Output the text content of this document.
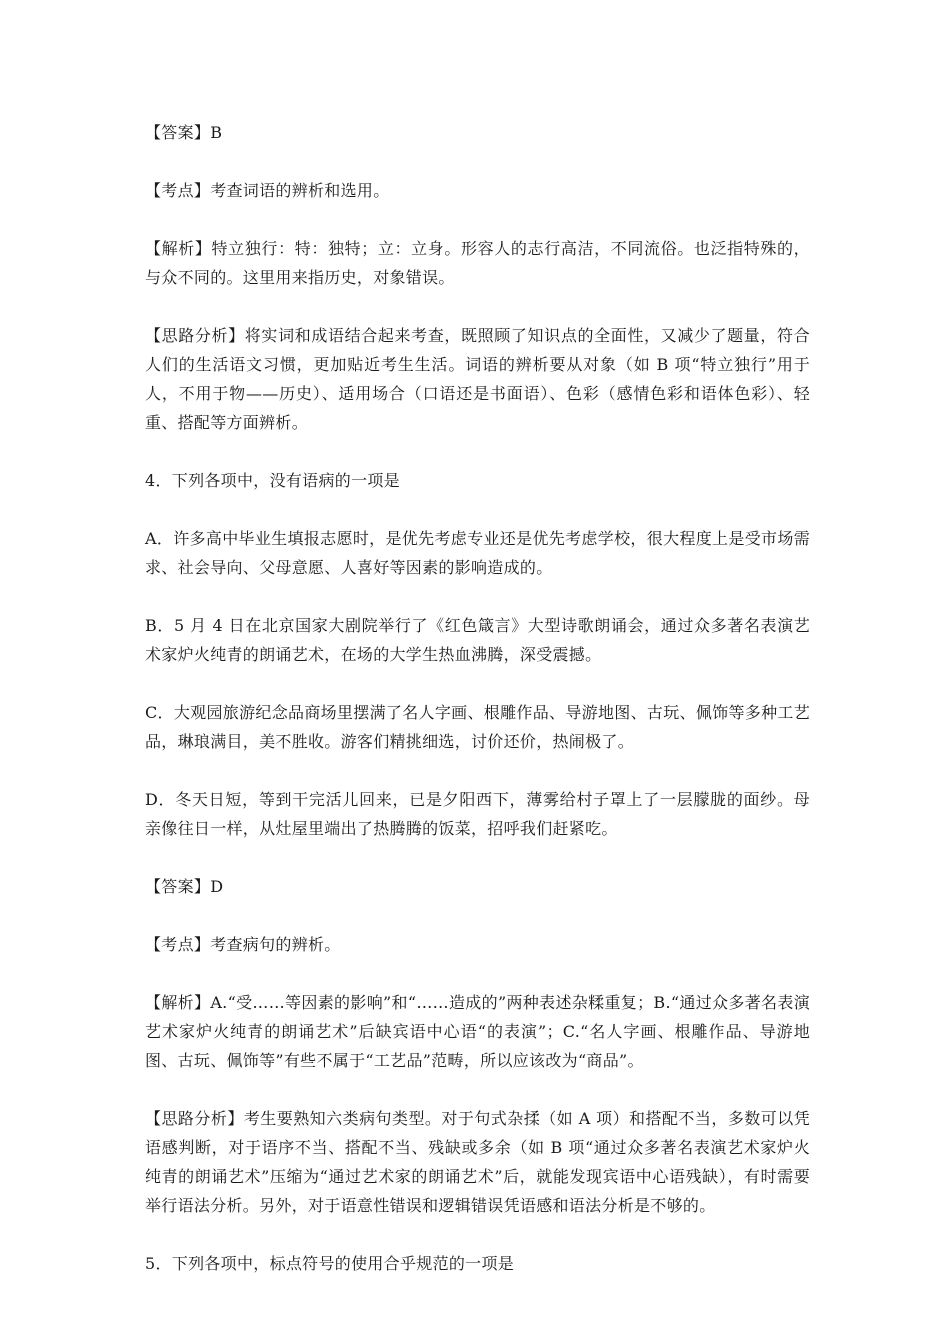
【答案】B

【考点】考查词语的辨析和选用。

【解析】特立独行：特：独特；立：立身。形容人的志行高洁，不同流俗。也泛指特殊的，与众不同的。这里用来指历史，对象错误。

【思路分析】将实词和成语结合起来考查，既照顾了知识点的全面性，又减少了题量，符合人们的生活语文习惯，更加贴近考生生活。词语的辨析要从对象（如 B 项“特立独行”用于人，不用于物——历史）、适用场合（口语还是书面语）、色彩（感情色彩和语体色彩）、轻重、搭配等方面辨析。

4．下列各项中，没有语病的一项是

A．许多高中毕业生填报志愿时，是优先考虑专业还是优先考虑学校，很大程度上是受市场需求、社会导向、父母意愿、人喜好等因素的影响造成的。

B．5 月 4 日在北京国家大剧院举行了《红色箴言》大型诗歌朗诵会，通过众多著名表演艺术家炉火纯青的朗诵艺术，在场的大学生热血沸腾，深受震撼。

C．大观园旅游纪念品商场里摆满了名人字画、根雕作品、导游地图、古玩、佩饰等多种工艺品，琳琅满目，美不胜收。游客们精挑细选，讨价还价，热闹极了。

D．冬天日短，等到干完活儿回来，已是夕阳西下，薄雾给村子罩上了一层朦胧的面纱。母亲像往日一样，从灶屋里端出了热腾腾的饭菜，招呼我们赶紧吃。

【答案】D

【考点】考查病句的辨析。

【解析】A.“受……等因素的影响”和“……造成的”两种表述杂糅重复；B.“通过众多著名表演艺术家炉火纯青的朗诵艺术”后缺宾语中心语“的表演”；C.“名人字画、根雕作品、导游地图、古玩、佩饰等”有些不属于“工艺品”范畴，所以应该改为“商品”。

【思路分析】考生要熟知六类病句类型。对于句式杂揉（如 A 项）和搭配不当，多数可以凭语感判断，对于语序不当、搭配不当、残缺或多余（如 B 项“通过众多著名表演艺术家炉火纯青的朗诵艺术”压缩为“通过艺术家的朗诵艺术”后，就能发现宾语中心语残缺），有时需要举行语法分析。另外，对于语意性错误和逻辑错误凭语感和语法分析是不够的。

5．下列各项中，标点符号的使用合乎规范的一项是
